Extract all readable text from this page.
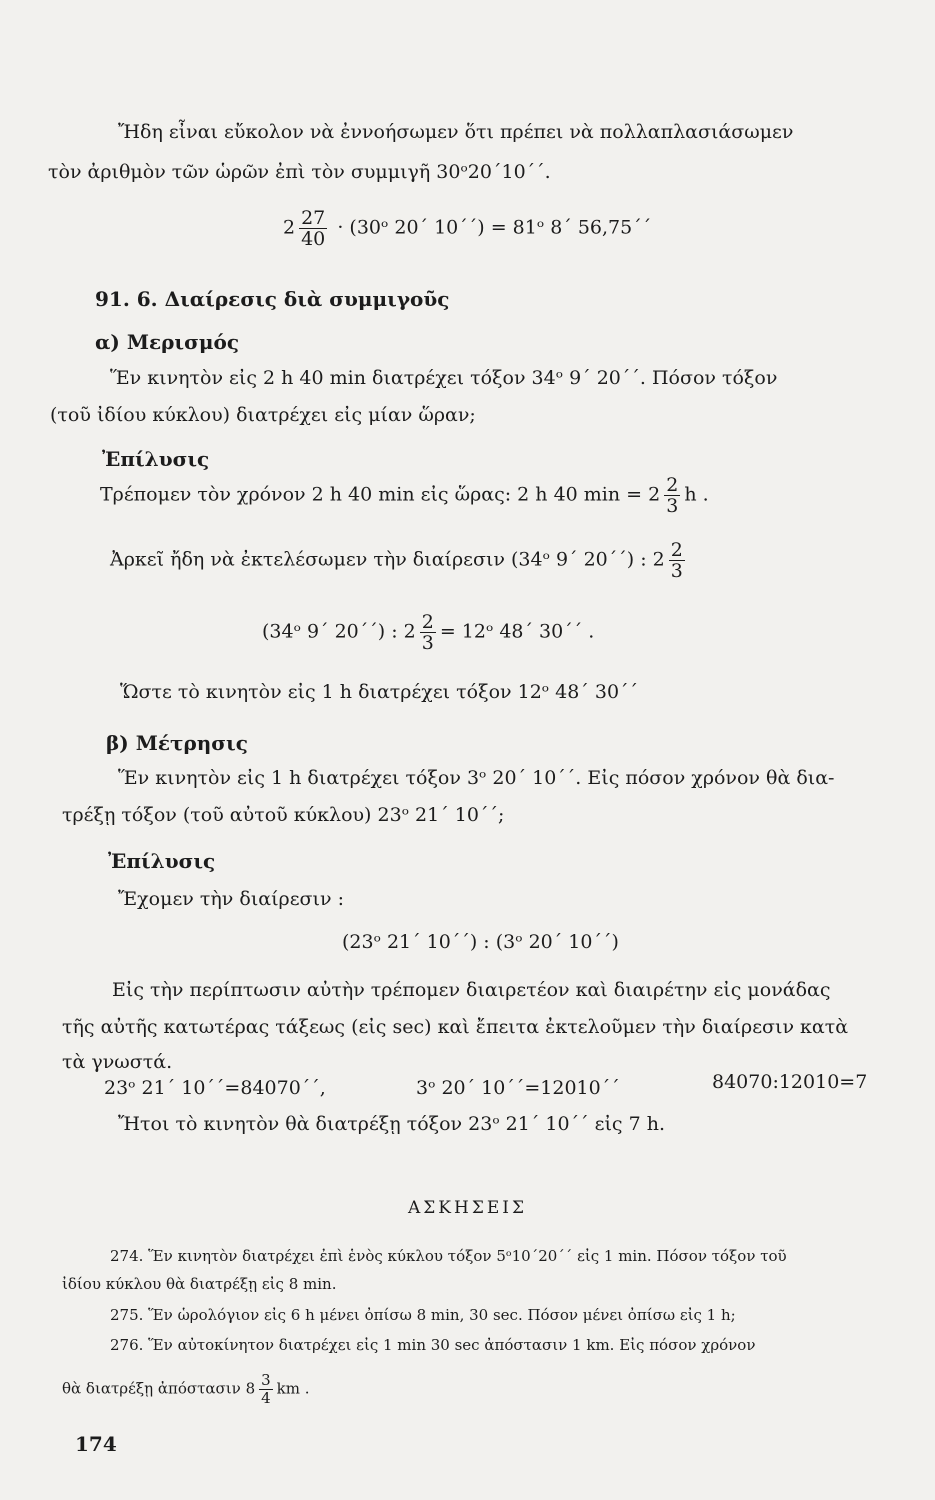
Ἤδη εἶναι εὔκολον νὰ ἐννοήσωμεν ὅτι πρέπει νὰ πολλαπλασιάσωμεν
τὸν ἀριθμὸν τῶν ὡρῶν ἐπὶ τὸν συμμιγῆ 30ᵒ20΄10΄΄.
$2 \frac{27}{40}$ · (30ᵒ 20΄ 10΄΄) = 81ᵒ 8΄ 56,75΄΄
91. 6. Διαίρεσις διὰ συμμιγοῦς
α) Μερισμός
Ἕν κινητὸν εἰς 2 h 40 min διατρέχει τόξον 34ᵒ 9΄ 20΄΄. Πόσον τόξον
(τοῦ ἰδίου κύκλου) διατρέχει εἰς μίαν ὥραν;
Ἐπίλυσις
Τρέπομεν τὸν χρόνον 2 h 40 min εἰς ὥρας: 2 h 40 $\min = 2 \frac{2}{3}$ h .
Ἀρκεῖ ἤδη νὰ ἐκτελέσωμεν τὴν διαίρεσιν (34ᵒ 9΄ 20΄΄) : $2 \frac{2}{3}$
(34ᵒ 9΄ 20΄΄) : $2 \frac{2}{3}$ = 12ᵒ 48΄ 30΄΄ .
Ὥστε τὸ κινητὸν εἰς 1 h διατρέχει τόξον 12ᵒ 48΄ 30΄΄
β) Μέτρησις
Ἕν κινητὸν εἰς 1 h διατρέχει τόξον 3ᵒ 20΄ 10΄΄. Εἰς πόσον χρόνον θὰ δια-
τρέξῃ τόξον (τοῦ αὐτοῦ κύκλου) 23ᵒ 21΄ 10΄΄;
Ἐπίλυσις
Ἔχομεν τὴν διαίρεσιν :
(23ᵒ 21΄ 10΄΄) : (3ᵒ 20΄ 10΄΄)
Εἰς τὴν περίπτωσιν αὐτὴν τρέπομεν διαιρετέον καὶ διαιρέτην εἰς μονάδας
τῆς αὐτῆς κατωτέρας τάξεως (εἰς sec) καὶ ἔπειτα ἐκτελοῦμεν τὴν διαίρεσιν κατὰ
τὰ γνωστά.
23ᵒ 21΄ 10΄΄=84070΄΄,	3ᵒ 20΄ 10΄΄=12010΄΄	84070:12010=7
Ἤτοι τὸ κινητὸν θὰ διατρέξῃ τόξον 23ᵒ 21΄ 10΄΄ εἰς 7 h.
ΑΣΚΗΣΕΙΣ
274. Ἕν κινητὸν διατρέχει ἐπὶ ἑνὸς κύκλου τόξον 5ᵒ10΄20΄΄ εἰς 1 min. Πόσον τόξον τοῦ
ἰδίου κύκλου θὰ διατρέξῃ εἰς 8 min.
275. Ἕν ὡρολόγιον εἰς 6 h μένει ὀπίσω 8 min, 30 sec. Πόσον μένει ὀπίσω εἰς 1 h;
276. Ἕν αὐτοκίνητον διατρέχει εἰς 1 min 30 sec ἀπόστασιν 1 km. Εἰς πόσον χρόνον
θὰ διατρέξῃ ἀπόστασιν $8 \frac{3}{4}$ km .
174
